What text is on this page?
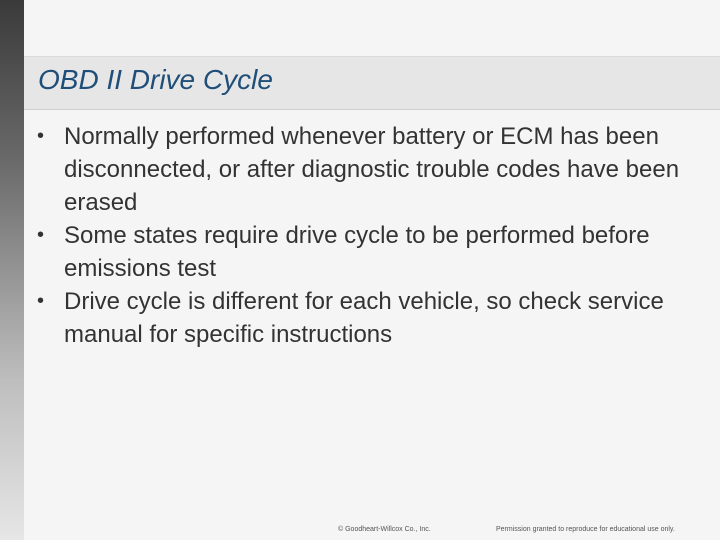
OBD II Drive Cycle
• Normally performed whenever battery or ECM has been disconnected, or after diagnostic trouble codes have been erased
• Some states require drive cycle to be performed before emissions test
• Drive cycle is different for each vehicle, so check service manual for specific instructions
© Goodheart-Willcox Co., Inc.	Permission granted to reproduce for educational use only.
